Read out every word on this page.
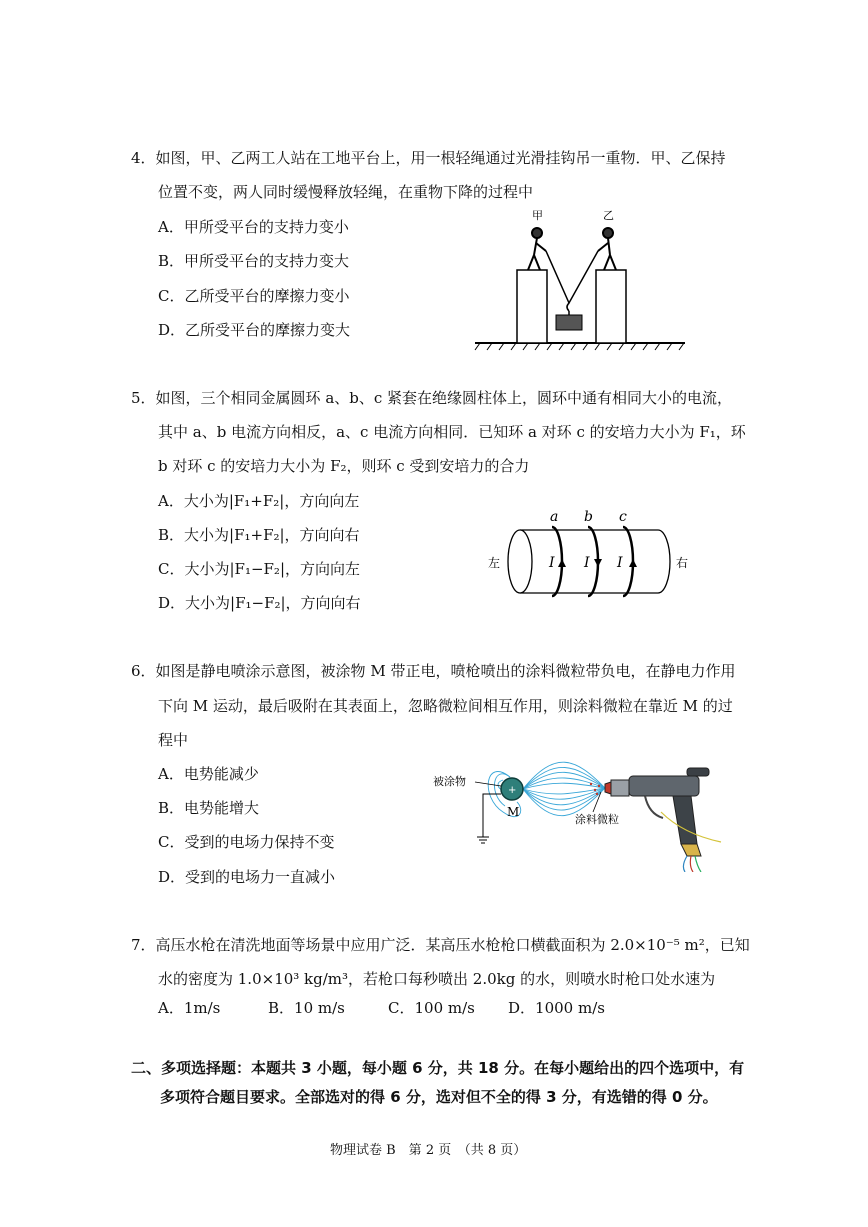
4．如图，甲、乙两工人站在工地平台上，用一根轻绳通过光滑挂钩吊一重物．甲、乙保持
位置不变，两人同时缓慢释放轻绳，在重物下降的过程中
A．甲所受平台的支持力变小
B．甲所受平台的支持力变大
C．乙所受平台的摩擦力变小
D．乙所受平台的摩擦力变大
甲	乙
5．如图，三个相同金属圆环 a、b、c 紧套在绝缘圆柱体上，圆环中通有相同大小的电流，
其中 a、b 电流方向相反，a、c 电流方向相同．已知环 a 对环 c 的安培力大小为 F₁，环
b 对环 c 的安培力大小为 F₂，则环 c 受到安培力的合力
A．大小为|F₁+F₂|，方向向左
B．大小为|F₁+F₂|，方向向右
C．大小为|F₁−F₂|，方向向左
D．大小为|F₁−F₂|，方向向右
a b c
I I I
左	右
6．如图是静电喷涂示意图，被涂物 M 带正电，喷枪喷出的涂料微粒带负电，在静电力作用
下向 M 运动，最后吸附在其表面上，忽略微粒间相互作用，则涂料微粒在靠近 M 的过
程中
A．电势能减少
B．电势能增大
C．受到的电场力保持不变
D．受到的电场力一直减小
+
被涂物
M
涂料微粒
7．高压水枪在清洗地面等场景中应用广泛．某高压水枪枪口横截面积为 2.0×10⁻⁵ m²，已知
水的密度为 1.0×10³ kg/m³，若枪口每秒喷出 2.0kg 的水，则喷水时枪口处水速为
A．1m/s	B．10 m/s	C．100 m/s D．1000 m/s
二、多项选择题：本题共 3 小题，每小题 6 分，共 18 分。在每小题给出的四个选项中，有
多项符合题目要求。全部选对的得 6 分，选对但不全的得 3 分，有选错的得 0 分。
物理试卷 B　第 2 页　（共 8 页）
